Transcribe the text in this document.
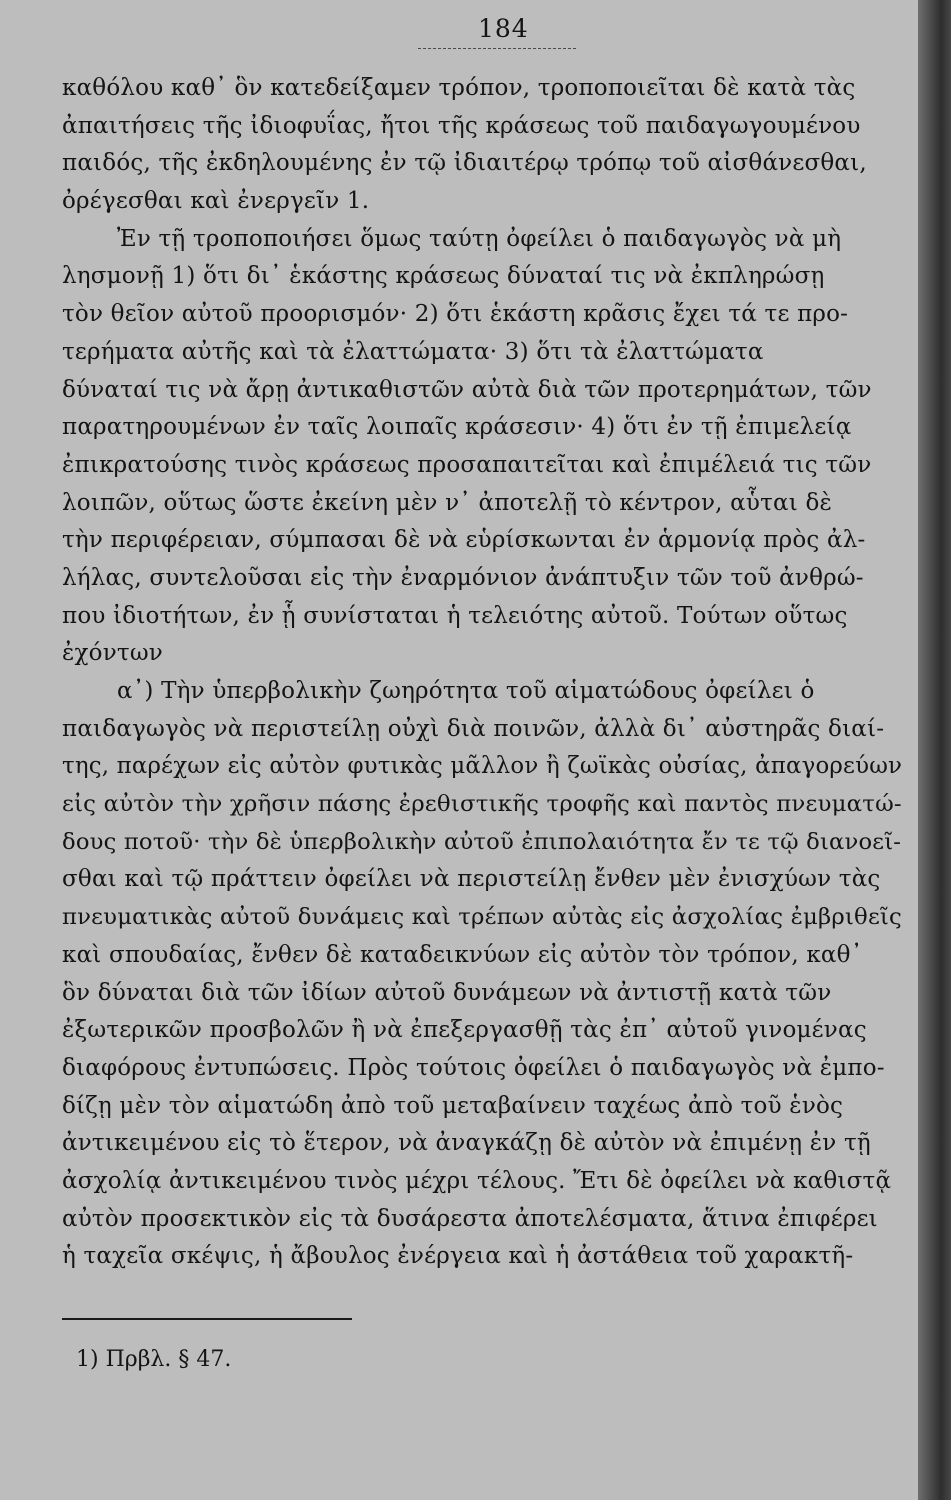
184
καθόλου καθ᾽ ὃν κατεδείξαμεν τρόπον, τροποποιεῖται δὲ κατὰ τὰς
ἀπαιτήσεις τῆς ἰδιοφυΐας, ἤτοι τῆς κράσεως τοῦ παιδαγωγουμένου
παιδός, τῆς ἐκδηλουμένης ἐν τῷ ἰδιαιτέρῳ τρόπῳ τοῦ αἰσθάνεσθαι,
ὀρέγεσθαι καὶ ἐνεργεῖν 1.
Ἐν τῇ τροποποιήσει ὅμως ταύτῃ ὀφείλει ὁ παιδαγωγὸς νὰ μὴ
λησμονῇ 1) ὅτι δι᾽ ἑκάστης κράσεως δύναταί τις νὰ ἐκπληρώσῃ
τὸν θεῖον αὐτοῦ προορισμόν· 2) ὅτι ἑκάστη κρᾶσις ἔχει τά τε προ-
τερήματα αὐτῆς καὶ τὰ ἐλαττώματα· 3) ὅτι τὰ ἐλαττώματα
δύναταί τις νὰ ἄρῃ ἀντικαθιστῶν αὐτὰ διὰ τῶν προτερημάτων, τῶν
παρατηρουμένων ἐν ταῖς λοιπαῖς κράσεσιν· 4) ὅτι ἐν τῇ ἐπιμελείᾳ
ἐπικρατούσης τινὸς κράσεως προσαπαιτεῖται καὶ ἐπιμέλειά τις τῶν
λοιπῶν, οὕτως ὥστε ἐκείνη μὲν ν᾽ ἀποτελῇ τὸ κέντρον, αὗται δὲ
τὴν περιφέρειαν, σύμπασαι δὲ νὰ εὑρίσκωνται ἐν ἁρμονίᾳ πρὸς ἀλ-
λήλας, συντελοῦσαι εἰς τὴν ἐναρμόνιον ἀνάπτυξιν τῶν τοῦ ἀνθρώ-
που ἰδιοτήτων, ἐν ᾗ συνίσταται ἡ τελειότης αὐτοῦ. Τούτων οὕτως
ἐχόντων
α᾽) Τὴν ὑπερβολικὴν ζωηρότητα τοῦ αἱματώδους ὀφείλει ὁ
παιδαγωγὸς νὰ περιστείλῃ οὐχὶ διὰ ποινῶν, ἀλλὰ δι᾽ αὐστηρᾶς διαί-
της, παρέχων εἰς αὐτὸν φυτικὰς μᾶλλον ἢ ζωϊκὰς οὐσίας, ἀπαγορεύων
εἰς αὐτὸν τὴν χρῆσιν πάσης ἐρεθιστικῆς τροφῆς καὶ παντὸς πνευματώ-
δους ποτοῦ· τὴν δὲ ὑπερβολικὴν αὐτοῦ ἐπιπολαιότητα ἔν τε τῷ διανοεῖ-
σθαι καὶ τῷ πράττειν ὀφείλει νὰ περιστείλῃ ἔνθεν μὲν ἐνισχύων τὰς
πνευματικὰς αὐτοῦ δυνάμεις καὶ τρέπων αὐτὰς εἰς ἀσχολίας ἐμβριθεῖς
καὶ σπουδαίας, ἔνθεν δὲ καταδεικνύων εἰς αὐτὸν τὸν τρόπον, καθ᾽
ὃν δύναται διὰ τῶν ἰδίων αὐτοῦ δυνάμεων νὰ ἀντιστῇ κατὰ τῶν
ἐξωτερικῶν προσβολῶν ἢ νὰ ἐπεξεργασθῇ τὰς ἐπ᾽ αὐτοῦ γινομένας
διαφόρους ἐντυπώσεις. Πρὸς τούτοις ὀφείλει ὁ παιδαγωγὸς νὰ ἐμπο-
δίζῃ μὲν τὸν αἱματώδη ἀπὸ τοῦ μεταβαίνειν ταχέως ἀπὸ τοῦ ἑνὸς
ἀντικειμένου εἰς τὸ ἕτερον, νὰ ἀναγκάζῃ δὲ αὐτὸν νὰ ἐπιμένῃ ἐν τῇ
ἀσχολίᾳ ἀντικειμένου τινὸς μέχρι τέλους. Ἔτι δὲ ὀφείλει νὰ καθιστᾷ
αὐτὸν προσεκτικὸν εἰς τὰ δυσάρεστα ἀποτελέσματα, ἅτινα ἐπιφέρει
ἡ ταχεῖα σκέψις, ἡ ἄβουλος ἐνέργεια καὶ ἡ ἀστάθεια τοῦ χαρακτῆ-
1) Πρβλ. § 47.
